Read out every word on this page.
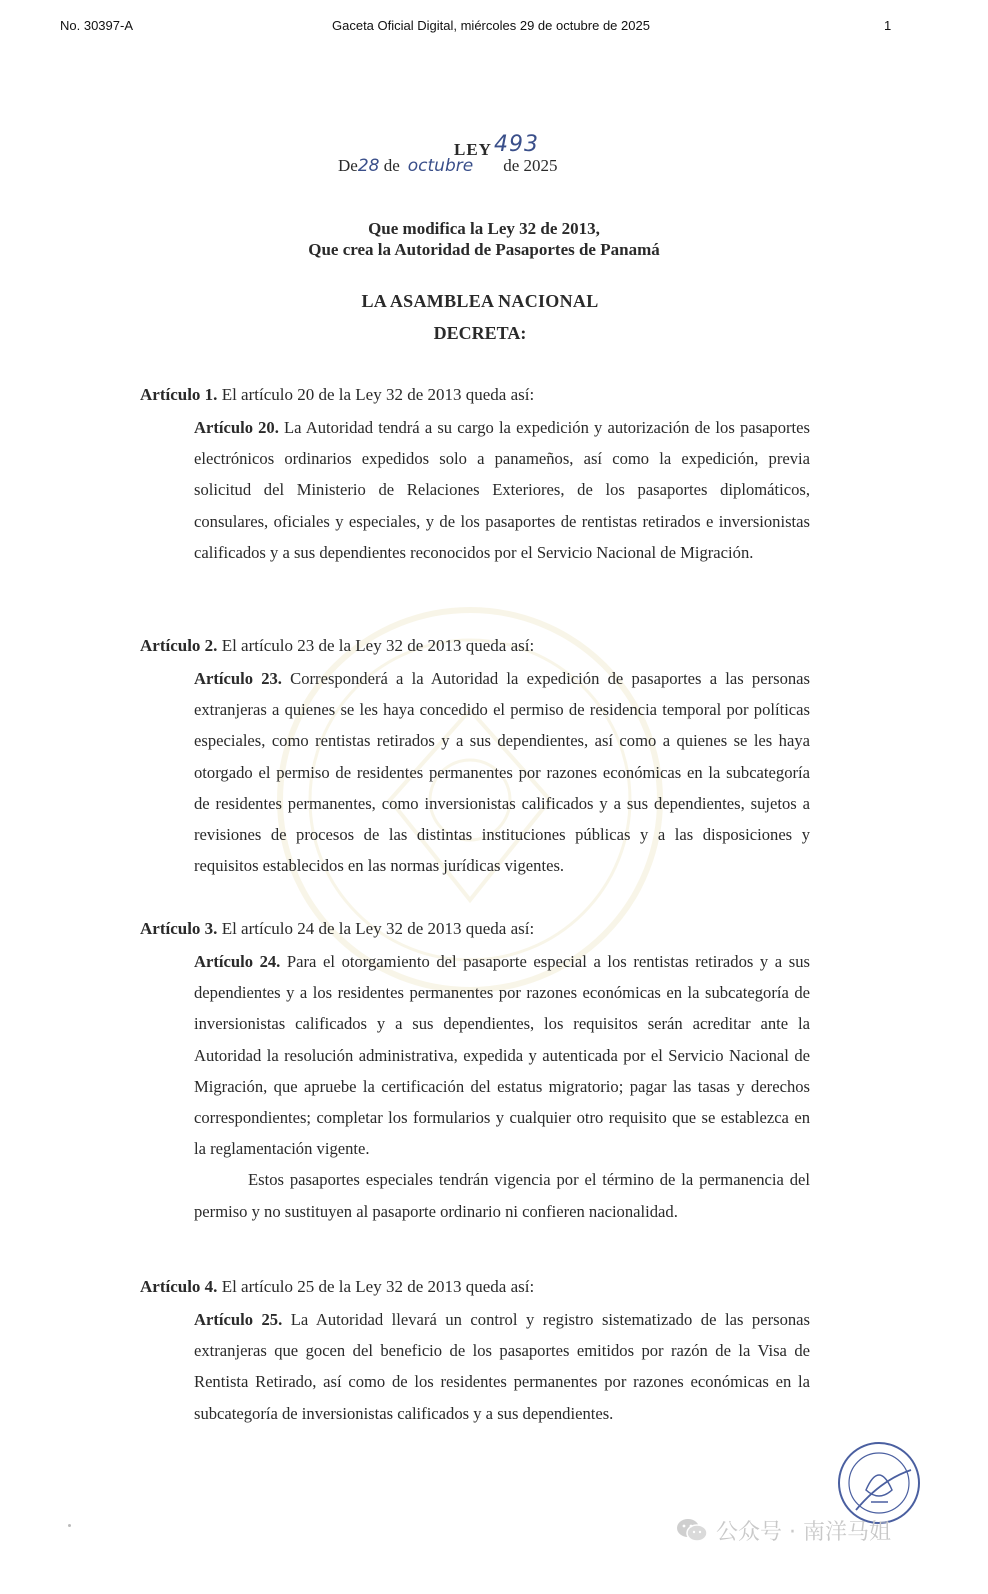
No. 30397-A	Gaceta Oficial Digital, miércoles 29 de octubre de 2025	1
LEY493
De28 de octubre de 2025
Que modifica la Ley 32 de 2013,
Que crea la Autoridad de Pasaportes de Panamá
LA ASAMBLEA NACIONAL
DECRETA:
Artículo 1. El artículo 20 de la Ley 32 de 2013 queda así:
Artículo 20. La Autoridad tendrá a su cargo la expedición y autorización de los pasaportes electrónicos ordinarios expedidos solo a panameños, así como la expedición, previa solicitud del Ministerio de Relaciones Exteriores, de los pasaportes diplomáticos, consulares, oficiales y especiales, y de los pasaportes de rentistas retirados e inversionistas calificados y a sus dependientes reconocidos por el Servicio Nacional de Migración.
Artículo 2. El artículo 23 de la Ley 32 de 2013 queda así:
Artículo 23. Corresponderá a la Autoridad la expedición de pasaportes a las personas extranjeras a quienes se les haya concedido el permiso de residencia temporal por políticas especiales, como rentistas retirados y a sus dependientes, así como a quienes se les haya otorgado el permiso de residentes permanentes por razones económicas en la subcategoría de residentes permanentes, como inversionistas calificados y a sus dependientes, sujetos a revisiones de procesos de las distintas instituciones públicas y a las disposiciones y requisitos establecidos en las normas jurídicas vigentes.
Artículo 3. El artículo 24 de la Ley 32 de 2013 queda así:
Artículo 24. Para el otorgamiento del pasaporte especial a los rentistas retirados y a sus dependientes y a los residentes permanentes por razones económicas en la subcategoría de inversionistas calificados y a sus dependientes, los requisitos serán acreditar ante la Autoridad la resolución administrativa, expedida y autenticada por el Servicio Nacional de Migración, que apruebe la certificación del estatus migratorio; pagar las tasas y derechos correspondientes; completar los formularios y cualquier otro requisito que se establezca en la reglamentación vigente.
Estos pasaportes especiales tendrán vigencia por el término de la permanencia del permiso y no sustituyen al pasaporte ordinario ni confieren nacionalidad.
Artículo 4. El artículo 25 de la Ley 32 de 2013 queda así:
Artículo 25. La Autoridad llevará un control y registro sistematizado de las personas extranjeras que gocen del beneficio de los pasaportes emitidos por razón de la Visa de Rentista Retirado, así como de los residentes permanentes por razones económicas en la subcategoría de inversionistas calificados y a sus dependientes.
公众号 · 南洋马姐
